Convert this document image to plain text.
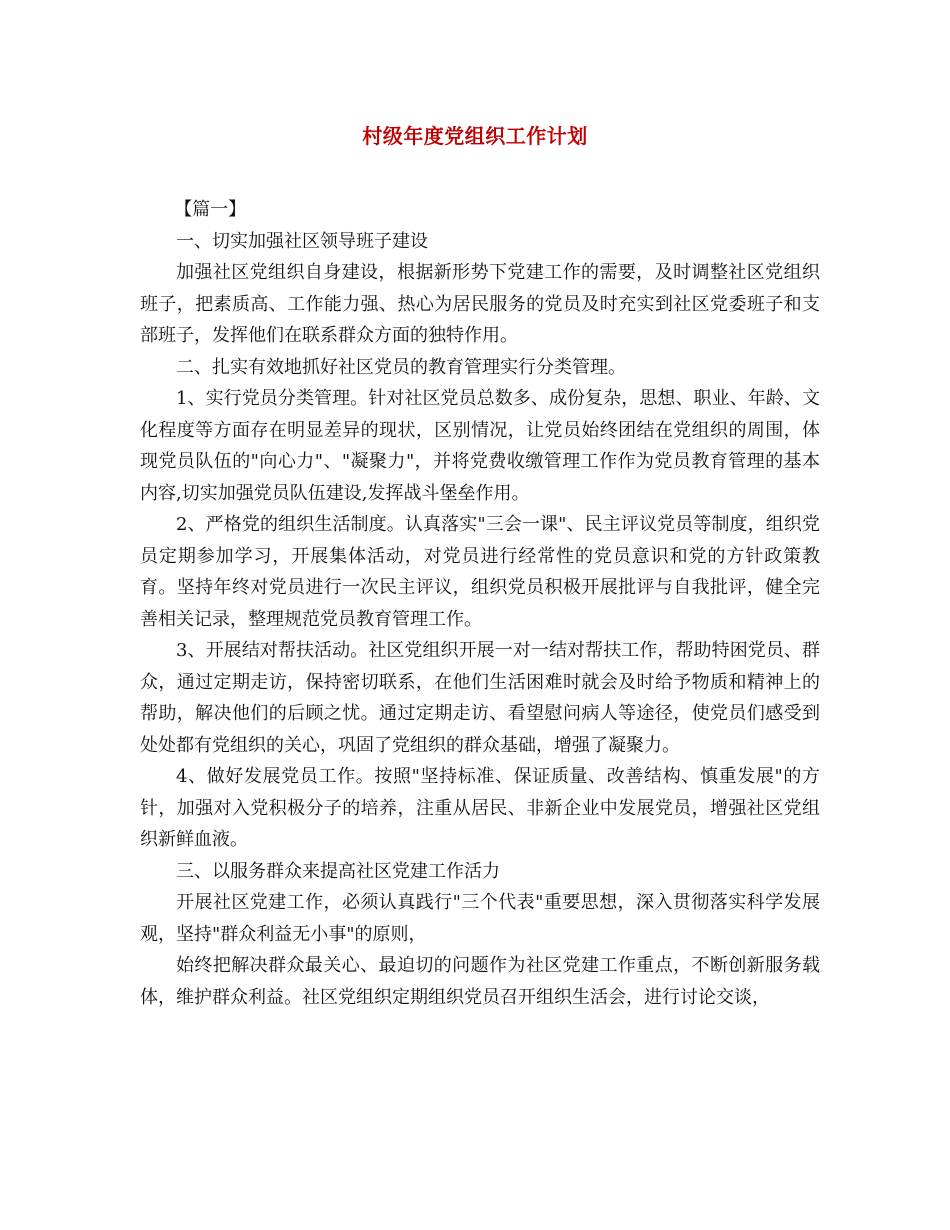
村级年度党组织工作计划

【篇一】

一、切实加强社区领导班子建设

加强社区党组织自身建设，根据新形势下党建工作的需要，及时调整社区党组织班子，把素质高、工作能力强、热心为居民服务的党员及时充实到社区党委班子和支部班子，发挥他们在联系群众方面的独特作用。

二、扎实有效地抓好社区党员的教育管理实行分类管理。

1、实行党员分类管理。针对社区党员总数多、成份复杂，思想、职业、年龄、文化程度等方面存在明显差异的现状，区别情况，让党员始终团结在党组织的周围，体现党员队伍的"向心力"、"凝聚力"，并将党费收缴管理工作作为党员教育管理的基本内容,切实加强党员队伍建设,发挥战斗堡垒作用。

2、严格党的组织生活制度。认真落实"三会一课"、民主评议党员等制度，组织党员定期参加学习，开展集体活动，对党员进行经常性的党员意识和党的方针政策教育。坚持年终对党员进行一次民主评议，组织党员积极开展批评与自我批评，健全完善相关记录，整理规范党员教育管理工作。

3、开展结对帮扶活动。社区党组织开展一对一结对帮扶工作，帮助特困党员、群众，通过定期走访，保持密切联系，在他们生活困难时就会及时给予物质和精神上的帮助，解决他们的后顾之忧。通过定期走访、看望慰问病人等途径，使党员们感受到处处都有党组织的关心，巩固了党组织的群众基础，增强了凝聚力。

4、做好发展党员工作。按照"坚持标准、保证质量、改善结构、慎重发展"的方针，加强对入党积极分子的培养，注重从居民、非新企业中发展党员，增强社区党组织新鲜血液。

三、以服务群众来提高社区党建工作活力

开展社区党建工作，必须认真践行"三个代表"重要思想，深入贯彻落实科学发展观，坚持"群众利益无小事"的原则，

始终把解决群众最关心、最迫切的问题作为社区党建工作重点，不断创新服务载体，维护群众利益。社区党组织定期组织党员召开组织生活会，进行讨论交谈，
